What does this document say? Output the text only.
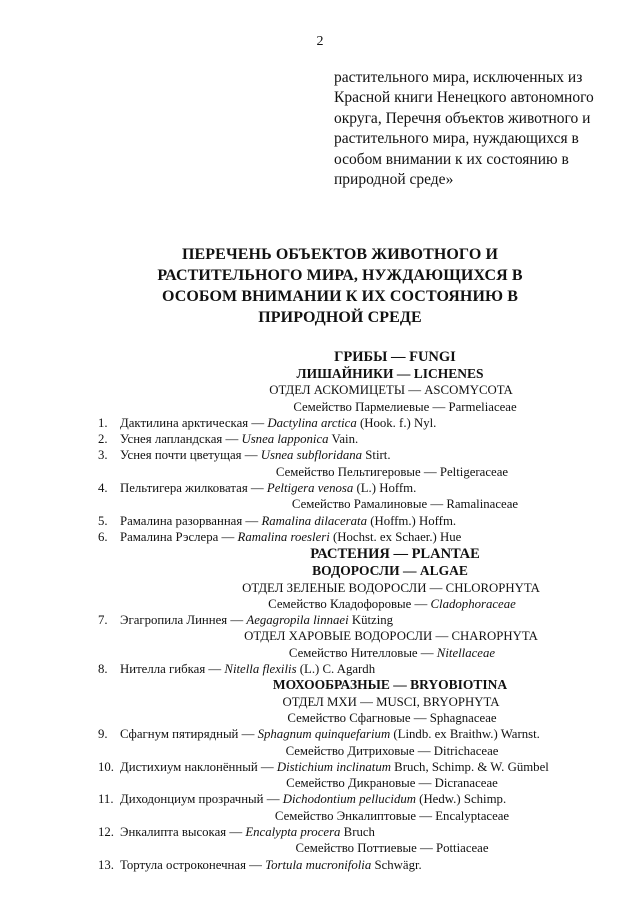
2
растительного мира, исключенных из
Красной книги Ненецкого автономного
округа, Перечня объектов животного и
растительного мира, нуждающихся в
особом внимании к их состоянию в
природной среде»
ПЕРЕЧЕНЬ ОБЪЕКТОВ ЖИВОТНОГО И
РАСТИТЕЛЬНОГО МИРА, НУЖДАЮЩИХСЯ В
ОСОБОМ ВНИМАНИИ К ИХ СОСТОЯНИЮ В
ПРИРОДНОЙ СРЕДЕ
ГРИБЫ — FUNGI
ЛИШАЙНИКИ — LICHENES
ОТДЕЛ АСКОМИЦЕТЫ — ASCOMYCOTA
Семейство Пармелиевые — Parmeliaceae
1. Дактилина арктическая — Dactylina arctica (Hook. f.) Nyl.
2. Уснея лапландская — Usnea lapponica Vain.
3. Уснея почти цветущая — Usnea subfloridana Stirt.
Семейство Пельтигеровые — Peltigeraceae
4. Пельтигера жилковатая — Peltigera venosa (L.) Hoffm.
Семейство Рамалиновые — Ramalinaceae
5. Рамалина разорванная — Ramalina dilacerata (Hoffm.) Hoffm.
6. Рамалина Рэслера — Ramalina roesleri (Hochst. ex Schaer.) Hue
РАСТЕНИЯ — PLANTAE
ВОДОРОСЛИ — ALGAE
ОТДЕЛ ЗЕЛЕНЫЕ ВОДОРОСЛИ — CHLOROPHYTA
Семейство Кладофоровые — Cladophoraceae
7. Эгагропила Линнея — Aegagropila linnaei Kützing
ОТДЕЛ ХАРОВЫЕ ВОДОРОСЛИ — CHAROPHYTA
Семейство Нителловые — Nitellaceae
8. Нителла гибкая — Nitella flexilis (L.) C. Agardh
МОХООБРАЗНЫЕ — BRYOBIOTINA
ОТДЕЛ МХИ — MUSCI, BRYOPHYTA
Семейство Сфагновые — Sphagnaceae
9. Сфагнум пятирядный — Sphagnum quinquefarium (Lindb. ex Braithw.) Warnst.
Семейство Дитриховые — Ditrichaceae
10. Дистихиум наклонённый — Distichium inclinatum Bruch, Schimp. & W. Gümbel
Семейство Дикрановые — Dicranaceae
11. Диходонциум прозрачный — Dichodontium pellucidum (Hedw.) Schimp.
Семейство Энкалиптовые — Encalyptaceae
12. Энкалипта высокая — Encalypta procera Bruch
Семейство Поттиевые — Pottiaceae
13. Тортула остроконечная — Tortula mucronifolia Schwägr.
